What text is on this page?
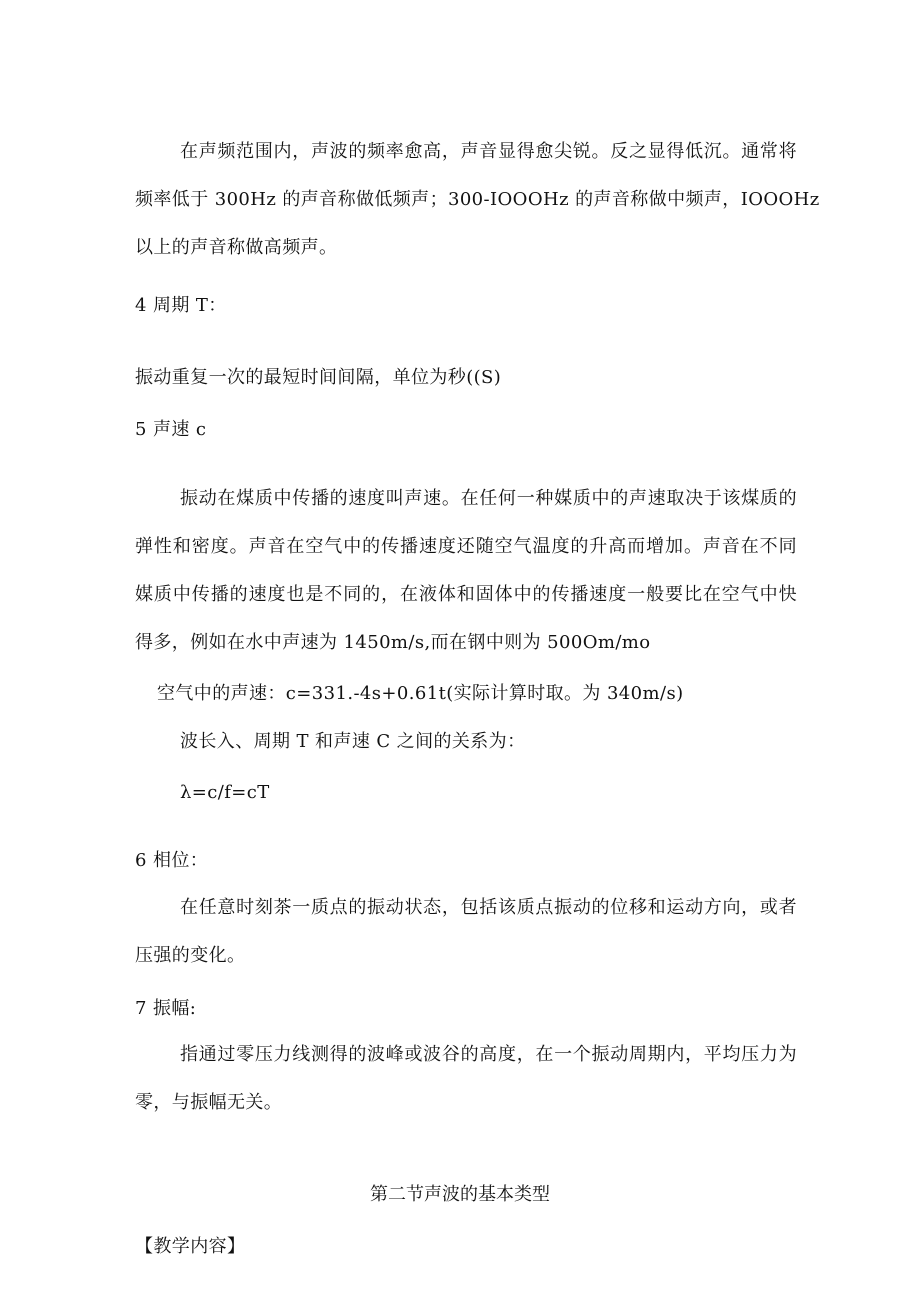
在声频范围内，声波的频率愈高，声音显得愈尖锐。反之显得低沉。通常将
频率低于 300Hz 的声音称做低频声；300-IOOOHz 的声音称做中频声，IOOOHz
以上的声音称做高频声。
4 周期 T：
振动重复一次的最短时间间隔，单位为秒((S)
5 声速 c
振动在煤质中传播的速度叫声速。在任何一种媒质中的声速取决于该煤质的
弹性和密度。声音在空气中的传播速度还随空气温度的升高而增加。声音在不同
媒质中传播的速度也是不同的，在液体和固体中的传播速度一般要比在空气中快
得多，例如在水中声速为 1450m∕s,而在钢中则为 500Om∕mo
空气中的声速：c=331.-4s+0.61t(实际计算时取。为 340m∕s)
波长入、周期 T 和声速 C 之间的关系为：
λ=c∕f=cT
6 相位：
在任意时刻茶一质点的振动状态，包括该质点振动的位移和运动方向，或者
压强的变化。
7 振幅:
指通过零压力线测得的波峰或波谷的高度，在一个振动周期内，平均压力为
零，与振幅无关。
第二节声波的基本类型
【教学内容】
